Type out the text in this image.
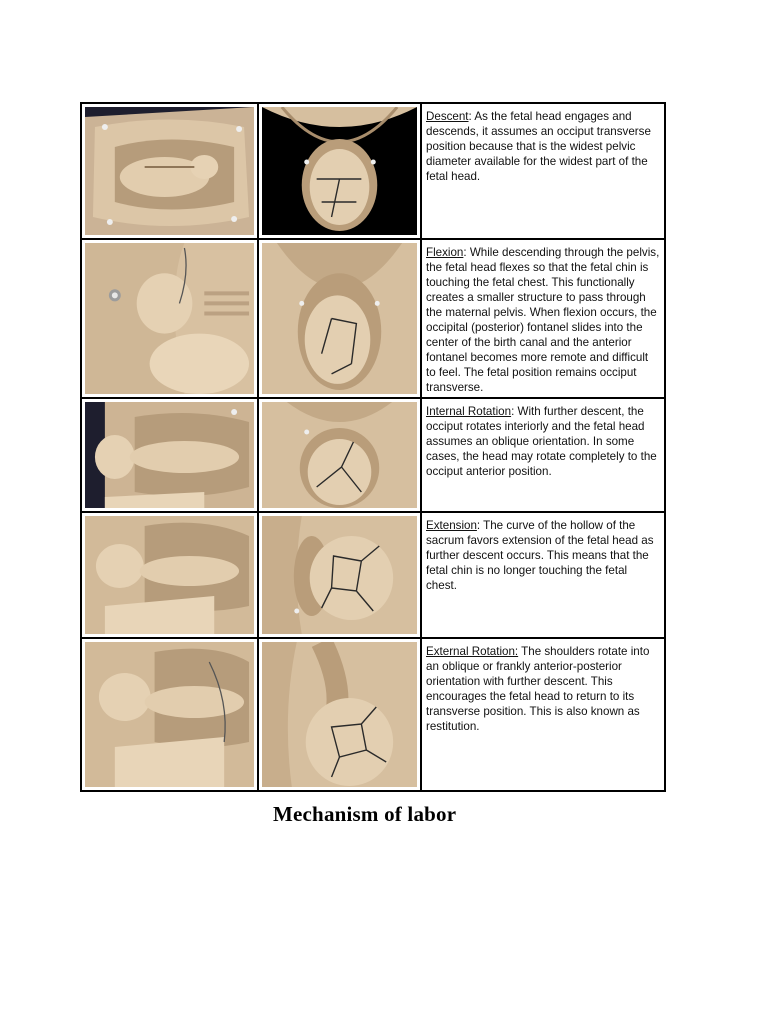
Descent: As the fetal head engages and descends, it assumes an occiput transverse position because that is the widest pelvic diameter available for the widest part of the fetal head.

Flexion: While descending through the pelvis, the fetal head flexes so that the fetal chin is touching the fetal chest. This functionally creates a smaller structure to pass through the maternal pelvis. When flexion occurs, the occipital (posterior) fontanel slides into the center of the birth canal and the anterior fontanel becomes more remote and difficult to feel. The fetal position remains occiput transverse.

Internal Rotation: With further descent, the occiput rotates interiorly and the fetal head assumes an oblique orientation. In some cases, the head may rotate completely to the occiput anterior position.

Extension: The curve of the hollow of the sacrum favors extension of the fetal head as further descent occurs. This means that the fetal chin is no longer touching the fetal chest.

External Rotation: The shoulders rotate into an oblique or frankly anterior-posterior orientation with further descent. This encourages the fetal head to return to its transverse position. This is also known as restitution.
Mechanism of labor
